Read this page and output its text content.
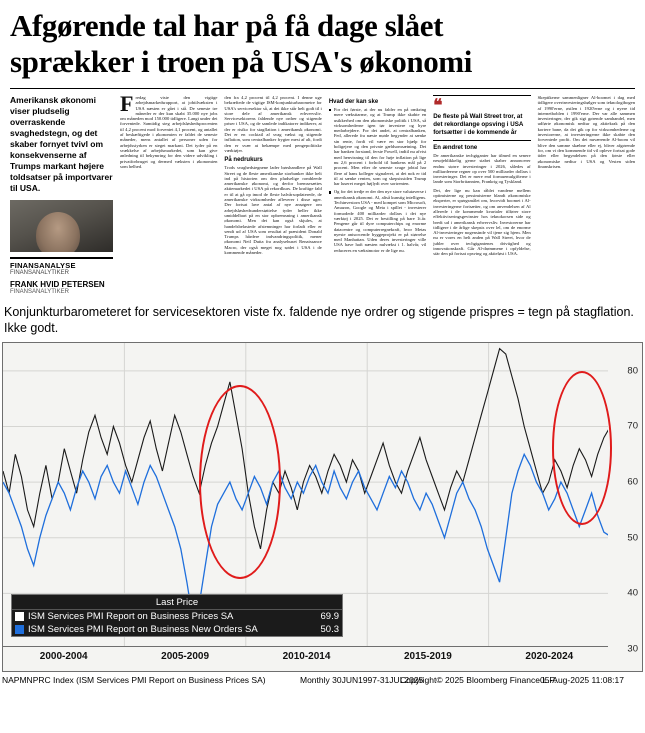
Afgørende tal har på få dage slået
sprækker i troen på USA's økonomi
Amerikansk økonomi viser pludselig overraskende svaghedstegn, og det skaber fornyet tvivl om konsekvenserne af Trumps markant højere toldsatser på importvarer til USA.
FINANSANALYSE
FINANSANALYTIKER
FRANK HVID PETERSEN
FINANSANALYTIKER
Fredag viste den vigtige arbejdsmarkedsrapport, at jobtilvæksten i USA næsten er gået i stå. De seneste tre måneder er der kun skabt 35.000 nye jobs om måneden mod 150.000 tidligere. Langt under det forventede. Samtidig steg arbejdsløshedsprocenten til 4,2 procent mod forventet 4,1 procent, og antallet af beskæftigede i økonomien er faldet de seneste måneder, mens antallet af personer uden for arbejdsstyrken er steget markant. Det tyder på en svækkelse af arbejdsmarkedet, som kan give anledning til bekymring for den videre udvikling i privatforbruget og dermed væksten i økonomien som helhed.
den fra 4,2 procent til 4,2 procent. I denne uge bekræftede de vigtige ISM-konjunkturbarometre for USA's servicesektor så, at det ikke står helt godt til i store dele af amerikansk erhvervsliv. Servicesektorens faldende nye ordrer og stigende priser i USA, og de samlede indikatorer indikerer, at der er risiko for stagflation i amerikansk økonomi. Det er en cocktail af svag vækst og stigende inflation, som centralbanker frygter mest af alt, fordi den er svær at bekæmpe med pengepolitiske værktøjer.
På nedrukurs
Trods svaghedstegnene lader børshandlere på Wall Street og de fleste amerikanske storbanker ikke helt ind på historien om den pludselige rombleede amerikanske økonomi, og derfor bremsesættes aktiemarkedet i USA på rekordkurs. De kraftige fald er til at gå op imod de fleste halvårsopdaterede, de amerikanske virksomheder afleverer i disse uger. Der fortsat lave antal af nye ansøgere om arbejdsløshedsunderstøttelse tyder heller ikke umiddelbart på en stor opbremsning i amerikansk økonomi. Men det kan også skjules, at handelsbelastede afstemninger har forladt eller er sendt ud af USA som resultat af præsident Donald Trumps hårdere indvandringspolitik, mener økonomi Neil Dutta fra analysehuset Renaissance Macro, der også meget nog sødet i USA i de kommende måneder.
Hvad der kan ske
For det første, at der nu falder en på omkring mere væksttarme, og at Trump ikke skabte en usikkerhed om den økonomiske politik i USA, så virksomhederne igen tør investere og hyre medarbejdere. For det andet, at centralbanken, Fed, allerede fra næste møde begynder at sænke sin rente, fordi vil være en stor hjælp for boligejere og den private gældsomsætning. Det har banken forstand, ferste Powell, indtil nu afvist med henvisning til den for høje inflation på lige nu 2,6 procent i forhold til bankens mål på 2 procent. Men efter de seneste svage jobtal har flere af hans kolleger signaleret, at det nok er tid til at sænke renten, som og skepsissiden Trump har luseret meget højlydt over sortrenten.
Og for det tredje er der den nye store valutaverse i amerikansk økonomi. Al, altså kunstig intelligens. Techinvestorn USA - med kompet som Microsoft, Amazon, Google og Meta i spillet - investerer formodede 400 milliarder dollars i det nye værktøj i 2025. Det er bestilling på bare 1t.år. Pengene går til dyre computerchips og enorme datacentre og computerregnekraft, hvor Metas nyeste anisorcende byggeprojekt er på størrelse med Manhattan. Uden deres investeringer ville USA have haft næsten nulvækst i 1. halvår, vil reduceres en vækstmotor er de lige nu.
❝
De fleste på Wall Street tror, at det rekordlange opsving i USA fortsætter i de kommende år
En ændret tone
De amerikanske techgiganter har tilmed en senere nesøjeblikkelig gerne stabet skaber annoncerer endnu større investeringer i 2026, således af milliardeerne regner op over 500 milliarder dollars i investeringer. Det er mere end formuemulgifterne i lande som Storbritannien, Frankrig og Tyskland.
Det, der lige nu kan råblet vandene mellem optimisterne og pessimisterne blandt økonomiske eksperter, er spørgsmålet om, hvorvidt boomet i Al-investeringerne fortsætter, og om anvendelsen af Al allerede i de kommende kvartaler tilfører store effektiviseringsgevinster hos teknokorsen side og bredt ud i amerikansk erhvervsliv. Investorerne har tidligere i de årlige skepsis over lel, om de enorme Al-investeringer nogensinde vil tjene sig hjem. Men nu er vores en helt anden på Wall Street, hvor de jubler over techgigantenes drivtighed og innovationskraft. Går Al-drømmene i opfyldelse, stär den på fortsat opsving og aktieløst i USA.
Skeptikerne sammenligner Al-boomet i dag med tidligere overinvesteringsbølger som teknologibogen af 1990'erne, østlen i 1920'erne og i nyere tid internetboblen i 1990'erne. Der var alle sammen investeringer, der gik sigt gørende samhandel, men udførte økonomisk nedtur og aktiekrak på den kortere bane, da det gik op for virksomhederne og investorerne, at investeringerne ikke skabte den forventede profit. Om det nuværende Al-boom vil blive den samme skæbne eller ej, bliver afgørende for, om vi den kommende tid vil opleve fortsat gode tider eller begyndelsen på den første eller økonomiske nedtur i USA og Vesten siden finanskrisen.
Konjunkturbarometeret for servicesektoren viste fx. faldende nye ordrer og stigende prispres = tegn på stagflation. Ikke godt.
30
40
50
60
70
80
2000-2004	2005-2009	2010-2014	2015-2019	2020-2024
Last Price
ISM Services PMI Report on Business Prices SA	69.9
ISM Services PMI Report on Business New Orders SA	50.3
NAPMNPRC Index (ISM Services PMI Report on Business Prices SA)	Monthly 30JUN1997-31JUL2025
Copyright© 2025 Bloomberg Finance L.P.
05-Aug-2025 11:08:17
